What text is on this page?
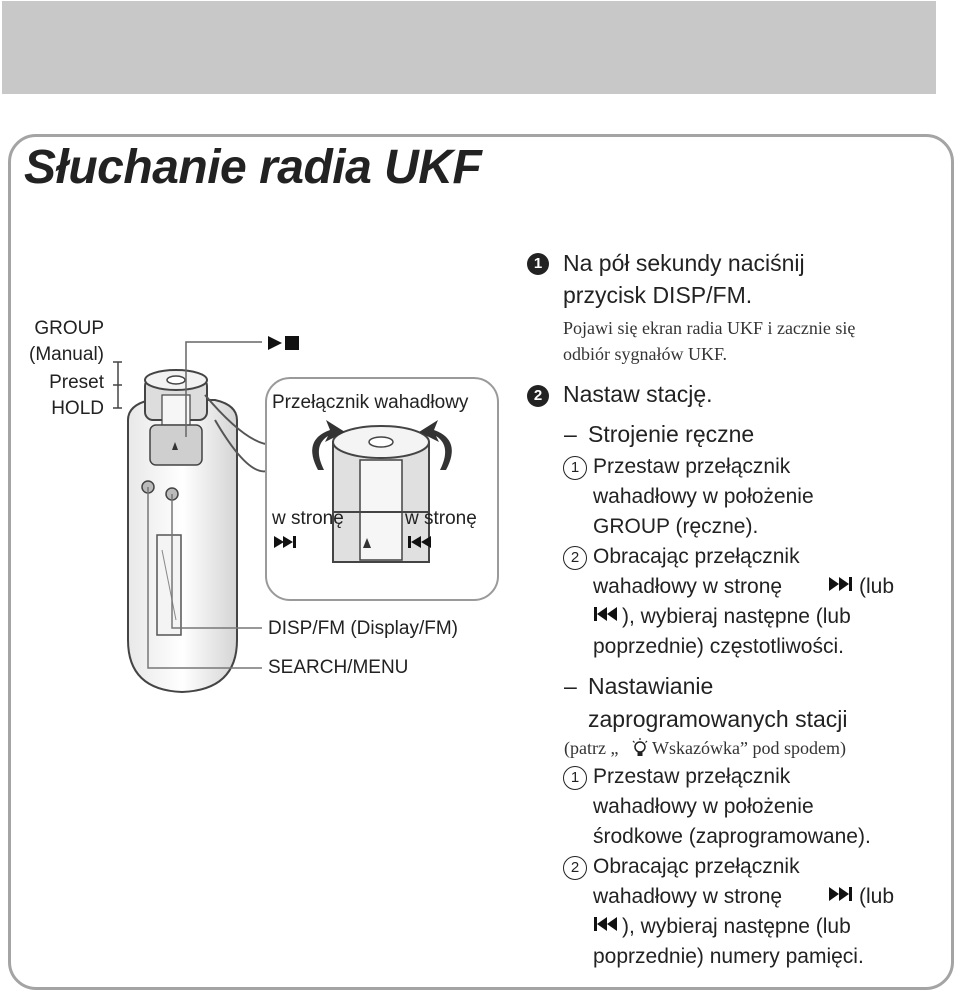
Słuchanie radia UKF
GROUP
(Manual)
Preset
HOLD	Przełącznik wahadłowy
w stronę	w stronę
DISP/FM (Display/FM)
SEARCH/MENU
1 Na pół sekundy naciśnij
przycisk DISP/FM.
Pojawi się ekran radia UKF i zacznie się
odbiór sygnałów UKF.
2 Nastaw stację.
– Strojenie ręczne
1 Przestaw przełącznik
wahadłowy w położenie
GROUP (ręczne).
2 Obracając przełącznik
wahadłowy w stronę	(lub
), wybieraj następne (lub
poprzednie) częstotliwości.
– Nastawianie
zaprogramowanych stacji
(patrz „ Wskazówka” pod spodem)
1 Przestaw przełącznik
wahadłowy w położenie
środkowe (zaprogramowane).
2 Obracając przełącznik
wahadłowy w stronę	(lub
), wybieraj następne (lub
poprzednie) numery pamięci.
